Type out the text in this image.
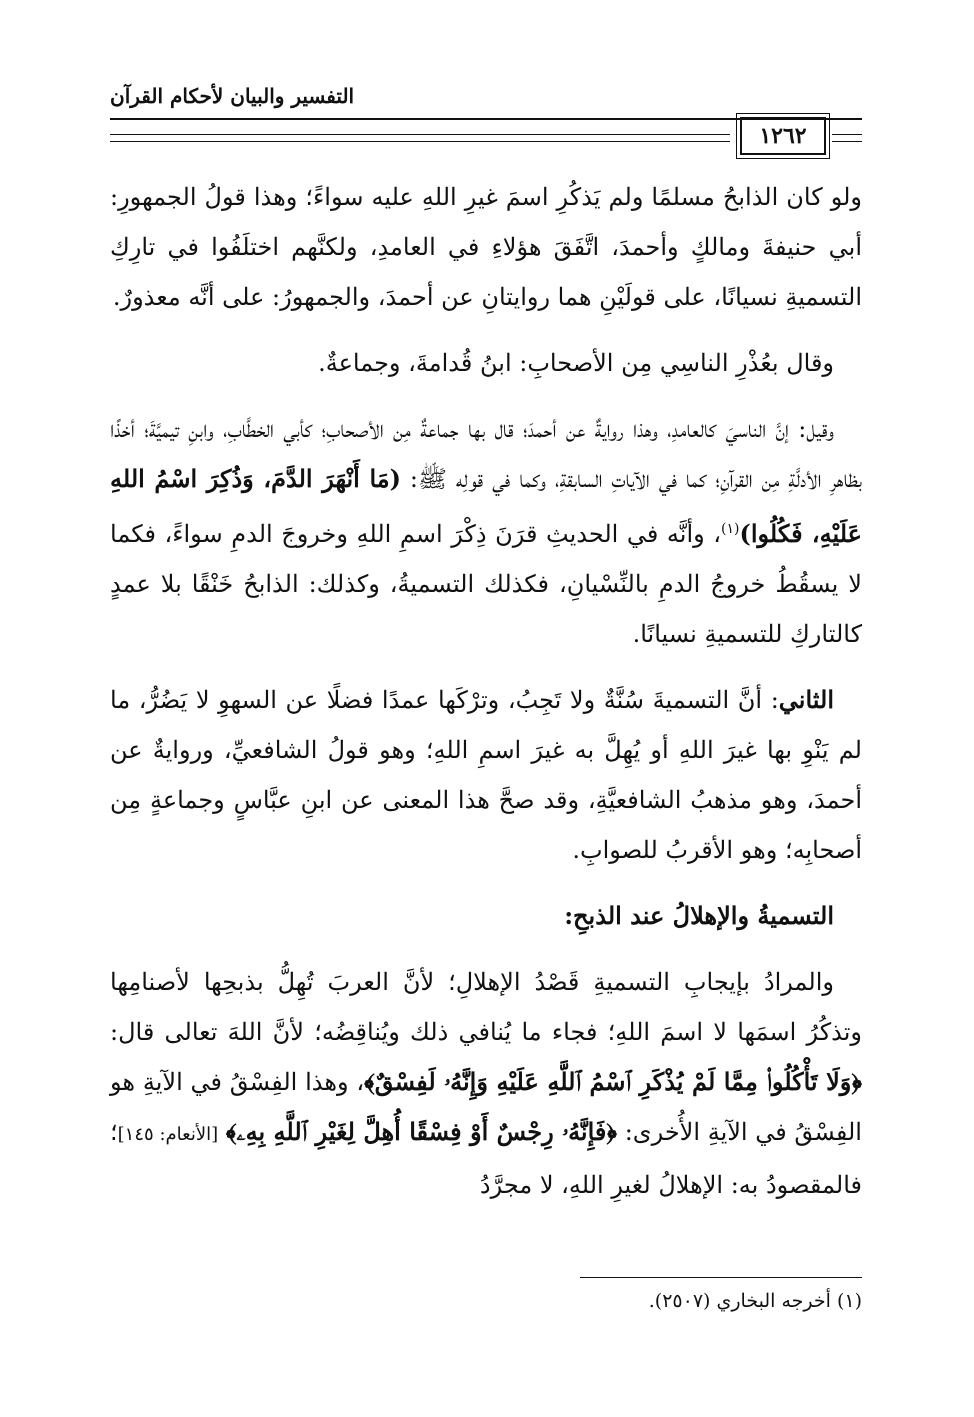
التفسير والبيان لأحكام القرآن
١٢٦٢

ولو كان الذابحُ مسلمًا ولم يَذكُرِ اسمَ غيرِ اللهِ عليه سواءً؛ وهذا قولُ الجمهورِ: أبي حنيفةَ ومالكٍ وأحمدَ، اتَّفَقَ هؤلاءِ في العامدِ، ولكنَّهم اختلَفُوا في تارِكِ التسميةِ نسيانًا، على قولَيْنِ هما روايتانِ عن أحمدَ، والجمهورُ: على أنَّه معذورٌ.

وقال بعُذْرِ الناسِي مِن الأصحابِ: ابنُ قُدامةَ، وجماعةٌ.

وقيل: إنَّ الناسيَ كالعامدِ، وهذا روايةٌ عن أحمدَ؛ قال بها جماعةٌ مِن الأصحابِ؛ كأبي الخطَّابِ، وابنِ تيميَّةَ؛ أخذًا بظاهرِ الأدلَّةِ مِن القرآنِ؛ كما في الآياتِ السابقةِ، وكما في قولِه ﷺ: (مَا أَنْهَرَ الدَّمَ، وَذُكِرَ اسْمُ اللهِ عَلَيْهِ، فَكُلُوا)$^{(١)}$، وأنَّه في الحديثِ قرَنَ ذِكْرَ اسمِ اللهِ وخروجَ الدمِ سواءً، فكما لا يسقُطُ خروجُ الدمِ بالنِّسْيانِ، فكذلك التسميةُ، وكذلك: الذابحُ خَنْقًا بلا عمدٍ كالتاركِ للتسميةِ نسيانًا.

الثاني: أنَّ التسميةَ سُنَّةٌ ولا تَجِبُ، وترْكَها عمدًا فضلًا عن السهوِ لا يَضُرُّ، ما لم يَنْوِ بها غيرَ اللهِ أو يُهِلَّ به غيرَ اسمِ اللهِ؛ وهو قولُ الشافعيِّ، وروايةٌ عن أحمدَ، وهو مذهبُ الشافعيَّةِ، وقد صحَّ هذا المعنى عن ابنِ عبَّاسٍ وجماعةٍ مِن أصحابِه؛ وهو الأقربُ للصوابِ.

التسميةُ والإهلالُ عند الذبحِ:

والمرادُ بإيجابِ التسميةِ قَصْدُ الإهلالِ؛ لأنَّ العربَ تُهِلُّ بذبحِها لأصنامِها وتذكُرُ اسمَها لا اسمَ اللهِ؛ فجاء ما يُنافي ذلك ويُناقِضُه؛ لأنَّ اللهَ تعالى قال: ﴿وَلَا تَأْكُلُوا۟ مِمَّا لَمْ يُذْكَرِ ٱسْمُ ٱللَّهِ عَلَيْهِ وَإِنَّهُۥ لَفِسْقٌ﴾، وهذا الفِسْقُ في الآيةِ هو الفِسْقُ في الآيةِ الأُخرى: ﴿فَإِنَّهُۥ رِجْسٌ أَوْ فِسْقًا أُهِلَّ لِغَيْرِ ٱللَّهِ بِهِۦ﴾ [الأنعام: ١٤٥]؛ فالمقصودُ به: الإهلالُ لغيرِ اللهِ، لا مجرَّدُ

(١) أخرجه البخاري (٢٥٠٧).
